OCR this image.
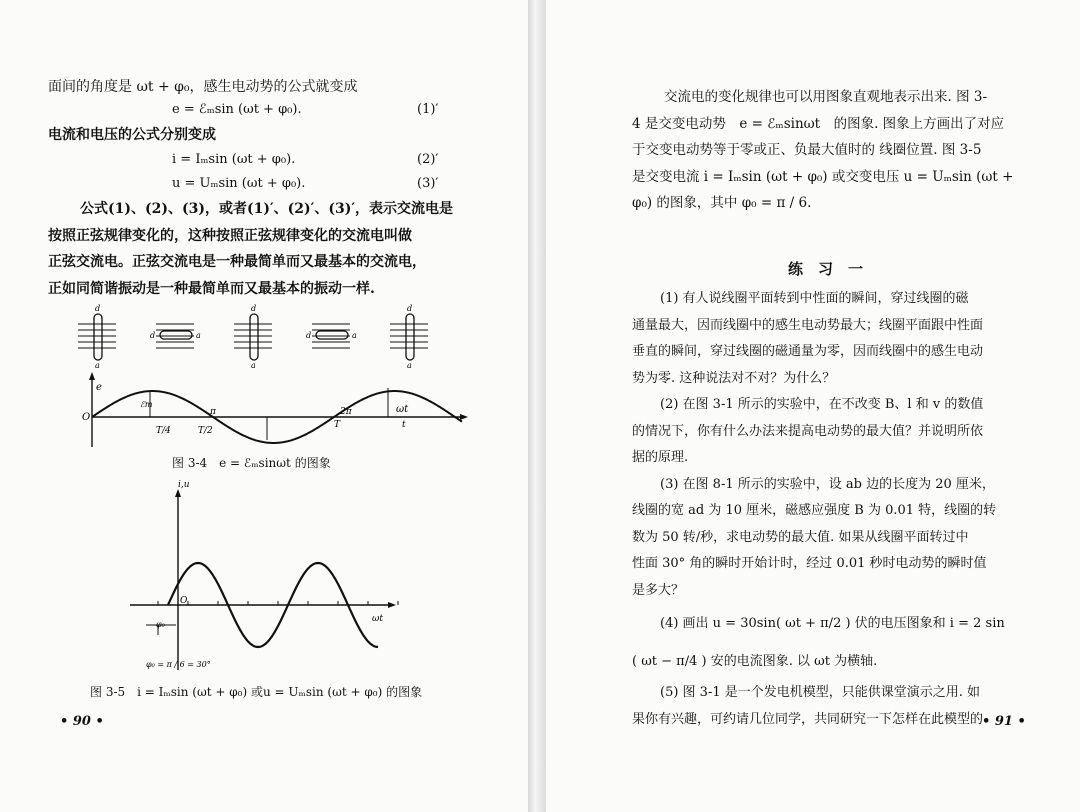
面间的角度是 ωt + φ₀，感生电动势的公式就变成
e = ℰₘsin (ωt + φ₀).	(1)′
电流和电压的公式分别变成
i = Iₘsin (ωt + φ₀).	(2)′
u = Uₘsin (ωt + φ₀).	(3)′

公式(1)、(2)、(3)，或者(1)′、(2)′、(3)′，表示交流电是

按照正弦规律变化的，这种按照正弦规律变化的交流电叫做

正弦交流电。正弦交流电是一种最简单而又最基本的交流电，

正如同简谐振动是一种最简单而又最基本的振动一样.

d
a
d	a
d
a
d	a
d
a
e
O
ℰm
π	2π	ωt
T/4	T/2
T	t
图 3-4　e = ℰₘsinωt 的图象
i,u
O
ωt
φ₀
φ₀ = π / 6 = 30°
图 3-5　i = Iₘsin (ωt + φ₀) 或u = Uₘsin (ωt + φ₀) 的图象
• 90 •

交流电的变化规律也可以用图象直观地表示出来. 图 3-

4 是交变电动势　e = ℰₘsinωt　的图象. 图象上方画出了对应

于交变电动势等于零或正、负最大值时的 线圈位置. 图 3-5

是交变电流 i = Iₘsin (ωt + φ₀) 或交变电压 u = Uₘsin (ωt +

φ₀) 的图象，其中 φ₀ = π / 6.

练　习　一

(1) 有人说线圈平面转到中性面的瞬间，穿过线圈的磁

通量最大，因而线圈中的感生电动势最大；线圈平面跟中性面

垂直的瞬间，穿过线圈的磁通量为零，因而线圈中的感生电动

势为零. 这种说法对不对？为什么？

(2) 在图 3-1 所示的实验中，在不改变 B、l 和 v 的数值

的情况下，你有什么办法来提高电动势的最大值？并说明所依

据的原理.

(3) 在图 8-1 所示的实验中，设 ab 边的长度为 20 厘米，

线圈的宽 ad 为 10 厘米，磁感应强度 B 为 0.01 特，线圈的转

数为 50 转/秒，求电动势的最大值. 如果从线圈平面转过中

性面 30° 角的瞬时开始计时，经过 0.01 秒时电动势的瞬时值

是多大？

(4) 画出 u = 30sin( ωt + π/2 ) 伏的电压图象和 i = 2 sin

( ωt − π/4 ) 安的电流图象. 以 ωt 为横轴.

(5) 图 3-1 是一个发电机模型，只能供课堂演示之用. 如

果你有兴趣，可约请几位同学，共同研究一下怎样在此模型的

• 91 •
